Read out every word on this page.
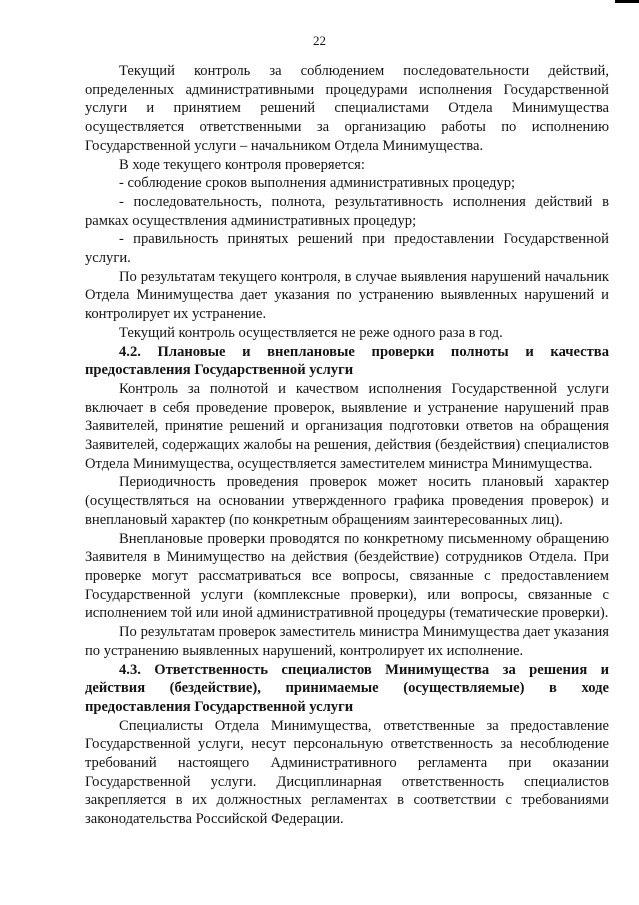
22

Текущий контроль за соблюдением последовательности действий, определенных административными процедурами исполнения Государственной услуги и принятием решений специалистами Отдела Минимущества осуществляется ответственными за организацию работы по исполнению Государственной услуги – начальником Отдела Минимущества.

В ходе текущего контроля проверяется:

- соблюдение сроков выполнения административных процедур;

- последовательность, полнота, результативность исполнения действий в рамках осуществления административных процедур;

- правильность принятых решений при предоставлении Государственной услуги.

По результатам текущего контроля, в случае выявления нарушений начальник Отдела Минимущества дает указания по устранению выявленных нарушений и контролирует их устранение.

Текущий контроль осуществляется не реже одного раза в год.

4.2. Плановые и внеплановые проверки полноты и качества предоставления Государственной услуги

Контроль за полнотой и качеством исполнения Государственной услуги включает в себя проведение проверок, выявление и устранение нарушений прав Заявителей, принятие решений и организация подготовки ответов на обращения Заявителей, содержащих жалобы на решения, действия (бездействия) специалистов Отдела Минимущества, осуществляется заместителем министра Минимущества.

Периодичность проведения проверок может носить плановый характер (осуществляться на основании утвержденного графика проведения проверок) и внеплановый характер (по конкретным обращениям заинтересованных лиц).

Внеплановые проверки проводятся по конкретному письменному обращению Заявителя в Минимущество на действия (бездействие) сотрудников Отдела. При проверке могут рассматриваться все вопросы, связанные с предоставлением Государственной услуги (комплексные проверки), или вопросы, связанные с исполнением той или иной административной процедуры (тематические проверки).

По результатам проверок заместитель министра Минимущества дает указания по устранению выявленных нарушений, контролирует их исполнение.

4.3. Ответственность специалистов Минимущества за решения и действия (бездействие), принимаемые (осуществляемые) в ходе предоставления Государственной услуги

Специалисты Отдела Минимущества, ответственные за предоставление Государственной услуги, несут персональную ответственность за несоблюдение требований настоящего Административного регламента при оказании Государственной услуги. Дисциплинарная ответственность специалистов закрепляется в их должностных регламентах в соответствии с требованиями законодательства Российской Федерации.
